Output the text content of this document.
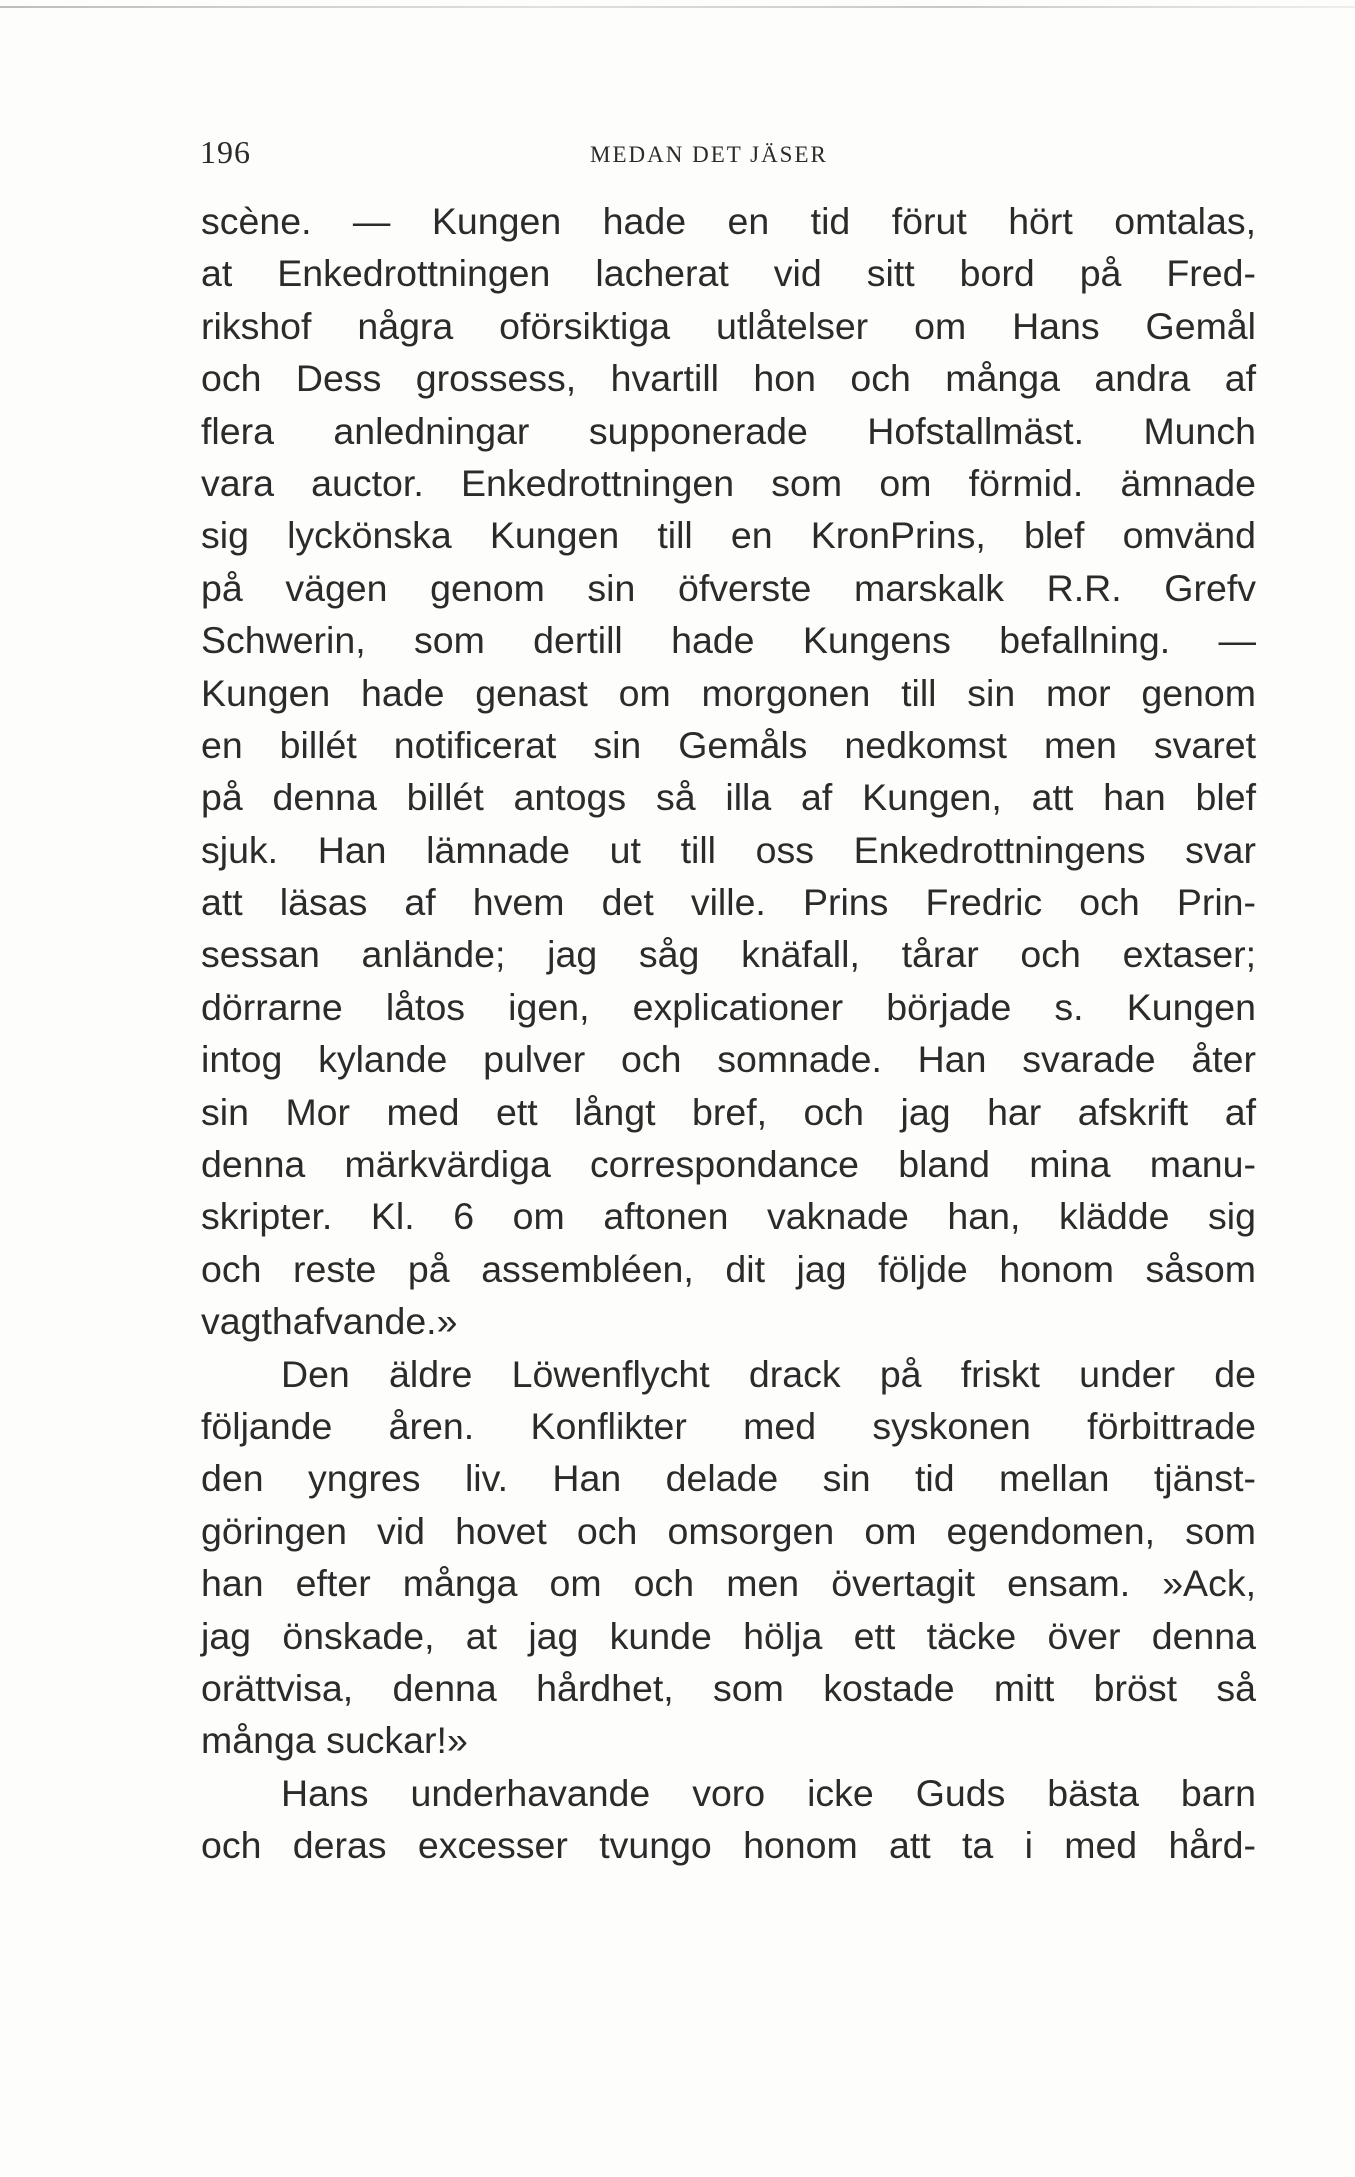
196	MEDAN DET JÄSER
scène. — Kungen hade en tid förut hört omtalas,
at Enkedrottningen lacherat vid sitt bord på Fred-
rikshof några oförsiktiga utlåtelser om Hans Gemål
och Dess grossess, hvartill hon och många andra af
flera anledningar supponerade Hofstallmäst. Munch
vara auctor. Enkedrottningen som om förmid. ämnade
sig lyckönska Kungen till en KronPrins, blef omvänd
på vägen genom sin öfverste marskalk R.R. Grefv
Schwerin, som dertill hade Kungens befallning. —
Kungen hade genast om morgonen till sin mor genom
en billét notificerat sin Gemåls nedkomst men svaret
på denna billét antogs så illa af Kungen, att han blef
sjuk. Han lämnade ut till oss Enkedrottningens svar
att läsas af hvem det ville. Prins Fredric och Prin-
sessan anlände; jag såg knäfall, tårar och extaser;
dörrarne låtos igen, explicationer började s. Kungen
intog kylande pulver och somnade. Han svarade åter
sin Mor med ett långt bref, och jag har afskrift af
denna märkvärdiga correspondance bland mina manu-
skripter. Kl. 6 om aftonen vaknade han, klädde sig
och reste på assembléen, dit jag följde honom såsom
vagthafvande.»
Den äldre Löwenflycht drack på friskt under de
följande åren. Konflikter med syskonen förbittrade
den yngres liv. Han delade sin tid mellan tjänst-
göringen vid hovet och omsorgen om egendomen, som
han efter många om och men övertagit ensam. »Ack,
jag önskade, at jag kunde hölja ett täcke över denna
orättvisa, denna hårdhet, som kostade mitt bröst så
många suckar!»
Hans underhavande voro icke Guds bästa barn
och deras excesser tvungo honom att ta i med hård-
